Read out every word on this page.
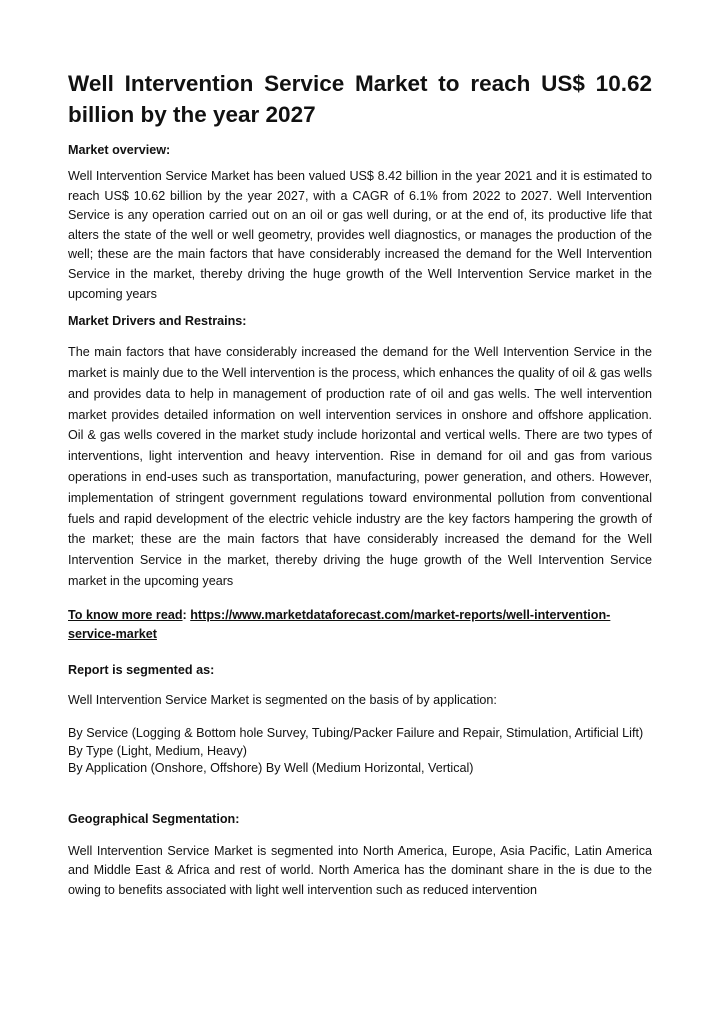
Well Intervention Service Market to reach US$ 10.62 billion by the year 2027
Market overview:

Well Intervention Service Market has been valued US$ 8.42 billion in the year 2021 and it is estimated to reach US$ 10.62 billion by the year 2027, with a CAGR of 6.1% from 2022 to 2027. Well Intervention Service is any operation carried out on an oil or gas well during, or at the end of, its productive life that alters the state of the well or well geometry, provides well diagnostics, or manages the production of the well; these are the main factors that have considerably increased the demand for the Well Intervention Service in the market, thereby driving the huge growth of the Well Intervention Service market in the upcoming years

Market Drivers and Restrains:

The main factors that have considerably increased the demand for the Well Intervention Service in the market is mainly due to the Well intervention is the process, which enhances the quality of oil & gas wells and provides data to help in management of production rate of oil and gas wells. The well intervention market provides detailed information on well intervention services in onshore and offshore application. Oil & gas wells covered in the market study include horizontal and vertical wells. There are two types of interventions, light intervention and heavy intervention. Rise in demand for oil and gas from various operations in end-uses such as transportation, manufacturing, power generation, and others. However, implementation of stringent government regulations toward environmental pollution from conventional fuels and rapid development of the electric vehicle industry are the key factors hampering the growth of the market; these are the main factors that have considerably increased the demand for the Well Intervention Service in the market, thereby driving the huge growth of the Well Intervention Service market in the upcoming years

To know more read: https://www.marketdataforecast.com/market-reports/well-intervention-service-market

Report is segmented as:

Well Intervention Service Market is segmented on the basis of by application:

By Service (Logging & Bottom hole Survey, Tubing/Packer Failure and Repair, Stimulation, Artificial Lift)
By Type (Light, Medium, Heavy)
By Application (Onshore, Offshore) By Well (Medium Horizontal, Vertical)
Geographical Segmentation:

Well Intervention Service Market is segmented into North America, Europe, Asia Pacific, Latin America and Middle East & Africa and rest of world. North America has the dominant share in the is due to the owing to benefits associated with light well intervention such as reduced intervention
